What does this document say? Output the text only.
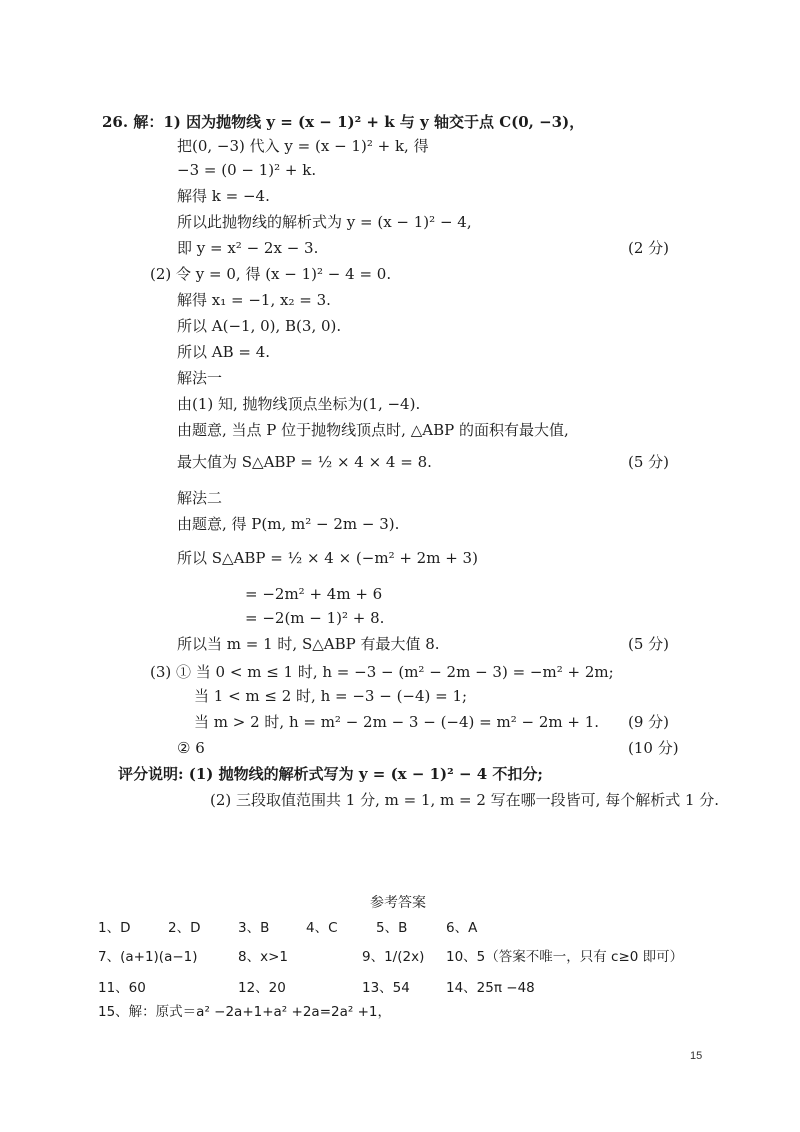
26. 解：1) 因为抛物线 y = (x − 1)² + k 与 y 轴交于点 C(0, −3)，
把(0, −3) 代入 y = (x − 1)² + k, 得
−3 = (0 − 1)² + k.
解得 k = −4.
所以此抛物线的解析式为 y = (x − 1)² − 4,
即 y = x² − 2x − 3.	(2 分)
(2) 令 y = 0, 得 (x − 1)² − 4 = 0.
解得 x₁ = −1, x₂ = 3.
所以 A(−1, 0), B(3, 0).
所以 AB = 4.
解法一
由(1) 知, 抛物线顶点坐标为(1, −4).
由题意, 当点 P 位于抛物线顶点时, △ABP 的面积有最大值,
最大值为 S△ABP = ½ × 4 × 4 = 8.	(5 分)
解法二
由题意, 得 P(m, m² − 2m − 3).
所以 S△ABP = ½ × 4 × (−m² + 2m + 3)
= −2m² + 4m + 6
= −2(m − 1)² + 8.
所以当 m = 1 时, S△ABP 有最大值 8.	(5 分)
(3) ① 当 0 < m ≤ 1 时, h = −3 − (m² − 2m − 3) = −m² + 2m;
当 1 < m ≤ 2 时, h = −3 − (−4) = 1;
当 m > 2 时, h = m² − 2m − 3 − (−4) = m² − 2m + 1. (9 分)
② 6	(10 分)
评分说明: (1) 抛物线的解析式写为 y = (x − 1)² − 4 不扣分;
(2) 三段取值范围共 1 分, m = 1, m = 2 写在哪一段皆可, 每个解析式 1 分.
参考答案
1、D	2、D	3、B	4、C	5、B	6、A
7、(a+1)(a−1)	8、x>1	9、1/(2x) 10、5（答案不唯一，只有 c≥0 即可）
11、60	12、20	13、54	14、25π −48
15、解：原式＝a² −2a+1+a² +2a=2a² +1，
15
